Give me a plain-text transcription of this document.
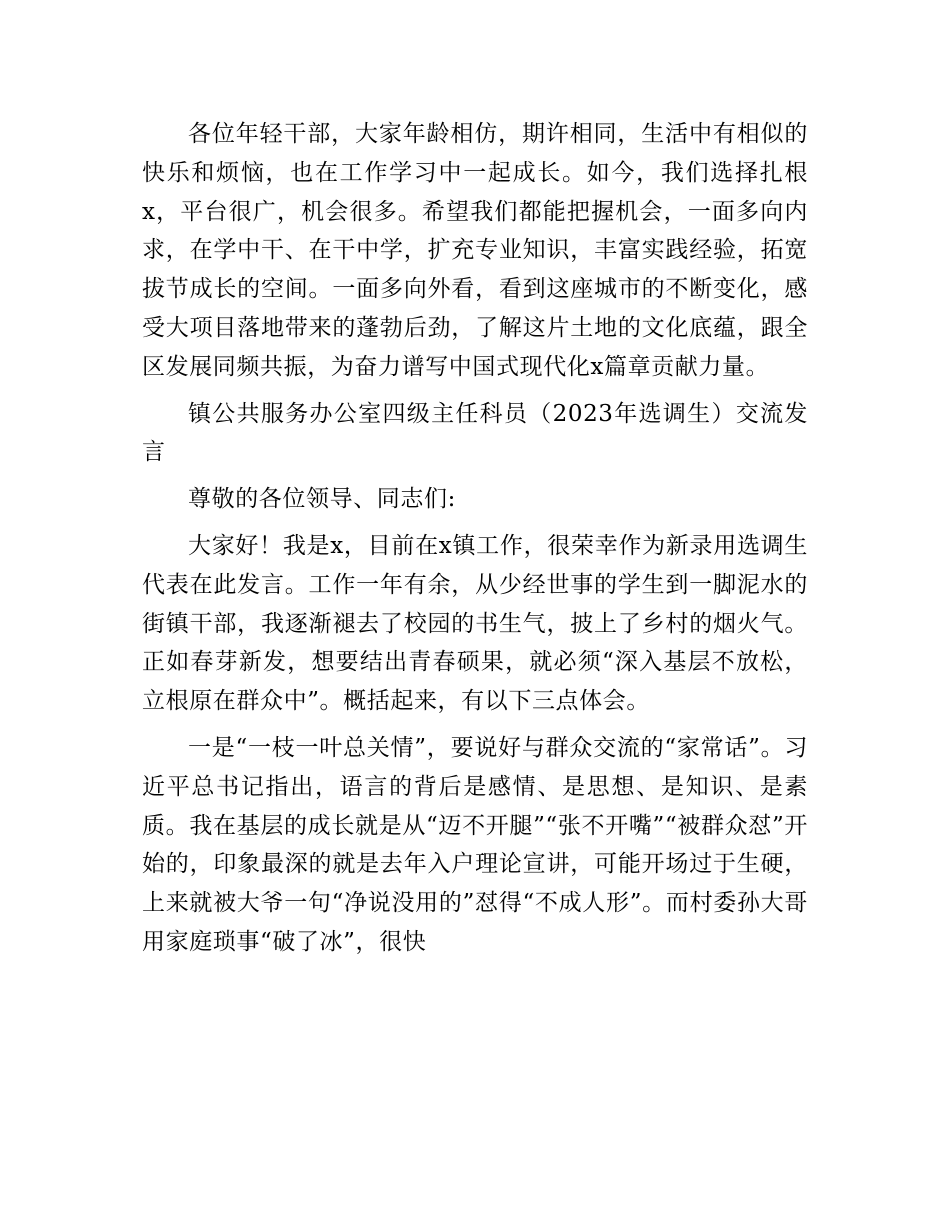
各位年轻干部，大家年龄相仿，期许相同，生活中有相似的快乐和烦恼，也在工作学习中一起成长。如今，我们选择扎根x，平台很广，机会很多。希望我们都能把握机会，一面多向内求，在学中干、在干中学，扩充专业知识，丰富实践经验，拓宽拔节成长的空间。一面多向外看，看到这座城市的不断变化，感受大项目落地带来的蓬勃后劲，了解这片土地的文化底蕴，跟全区发展同频共振，为奋力谱写中国式现代化x篇章贡献力量。

镇公共服务办公室四级主任科员（2023年选调生）交流发言

尊敬的各位领导、同志们:

大家好！我是x，目前在x镇工作，很荣幸作为新录用选调生代表在此发言。工作一年有余，从少经世事的学生到一脚泥水的街镇干部，我逐渐褪去了校园的书生气，披上了乡村的烟火气。正如春芽新发，想要结出青春硕果，就必须“深入基层不放松，立根原在群众中”。概括起来，有以下三点体会。

一是“一枝一叶总关情”，要说好与群众交流的“家常话”。习近平总书记指出，语言的背后是感情、是思想、是知识、是素质。我在基层的成长就是从“迈不开腿”“张不开嘴”“被群众怼”开始的，印象最深的就是去年入户理论宣讲，可能开场过于生硬，上来就被大爷一句“净说没用的”怼得“不成人形”。而村委孙大哥用家庭琐事“破了冰”，很快
